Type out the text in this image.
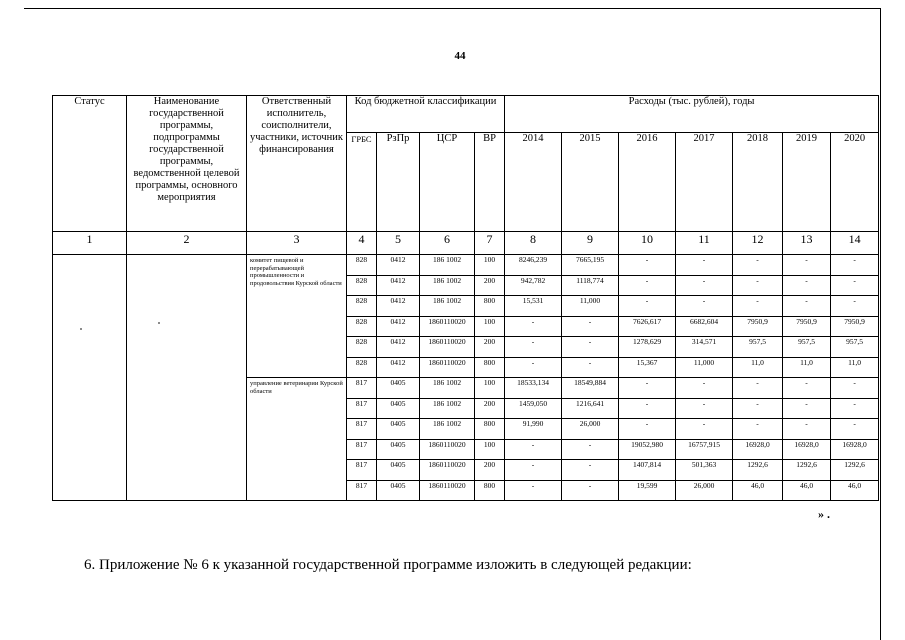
44
Статус	Наименование государственной программы, подпрограммы государственной программы, ведомственной целевой программы, основного мероприятия	Ответственный исполнитель, соисполнители, участники, источник финансирования	Код бюджетной классификации				Расходы (тыс. рублей), годы						
			ГРБС	РзПр	ЦСР	ВР	2014	2015	2016	2017	2018	2019	2020
1	2	3	4	5	6	7	8	9	10	11	12	13	14
		комитет пищевой и перерабатывающей промышленности и продовольствия Курской области	828	0412	186 1002	100	8246,239	7665,195	-	-	-	-	-
			828	0412	186 1002	200	942,782	1118,774	-	-	-	-	-
			828	0412	186 1002	800	15,531	11,000	-	-	-	-	-
			828	0412	1860110020	100	-	-	7626,617	6682,604	7950,9	7950,9	7950,9
			828	0412	1860110020	200	-	-	1278,629	314,571	957,5	957,5	957,5
			828	0412	1860110020	800	-	-	15,367	11,000	11,0	11,0	11,0
		управление ветеринарии Курской области	817	0405	186 1002	100	18533,134	18549,884	-	-	-	-	-
			817	0405	186 1002	200	1459,050	1216,641	-	-	-	-	-
			817	0405	186 1002	800	91,990	26,000	-	-	-	-	-
			817	0405	1860110020	100	-	-	19052,980	16757,915	16928,0	16928,0	16928,0
			817	0405	1860110020	200	-	-	1407,814	501,363	1292,6	1292,6	1292,6
			817	0405	1860110020	800	-	-	19,599	26,000	46,0	46,0	46,0
» .
6. Приложение № 6 к указанной государственной программе изложить в следующей редакции:
